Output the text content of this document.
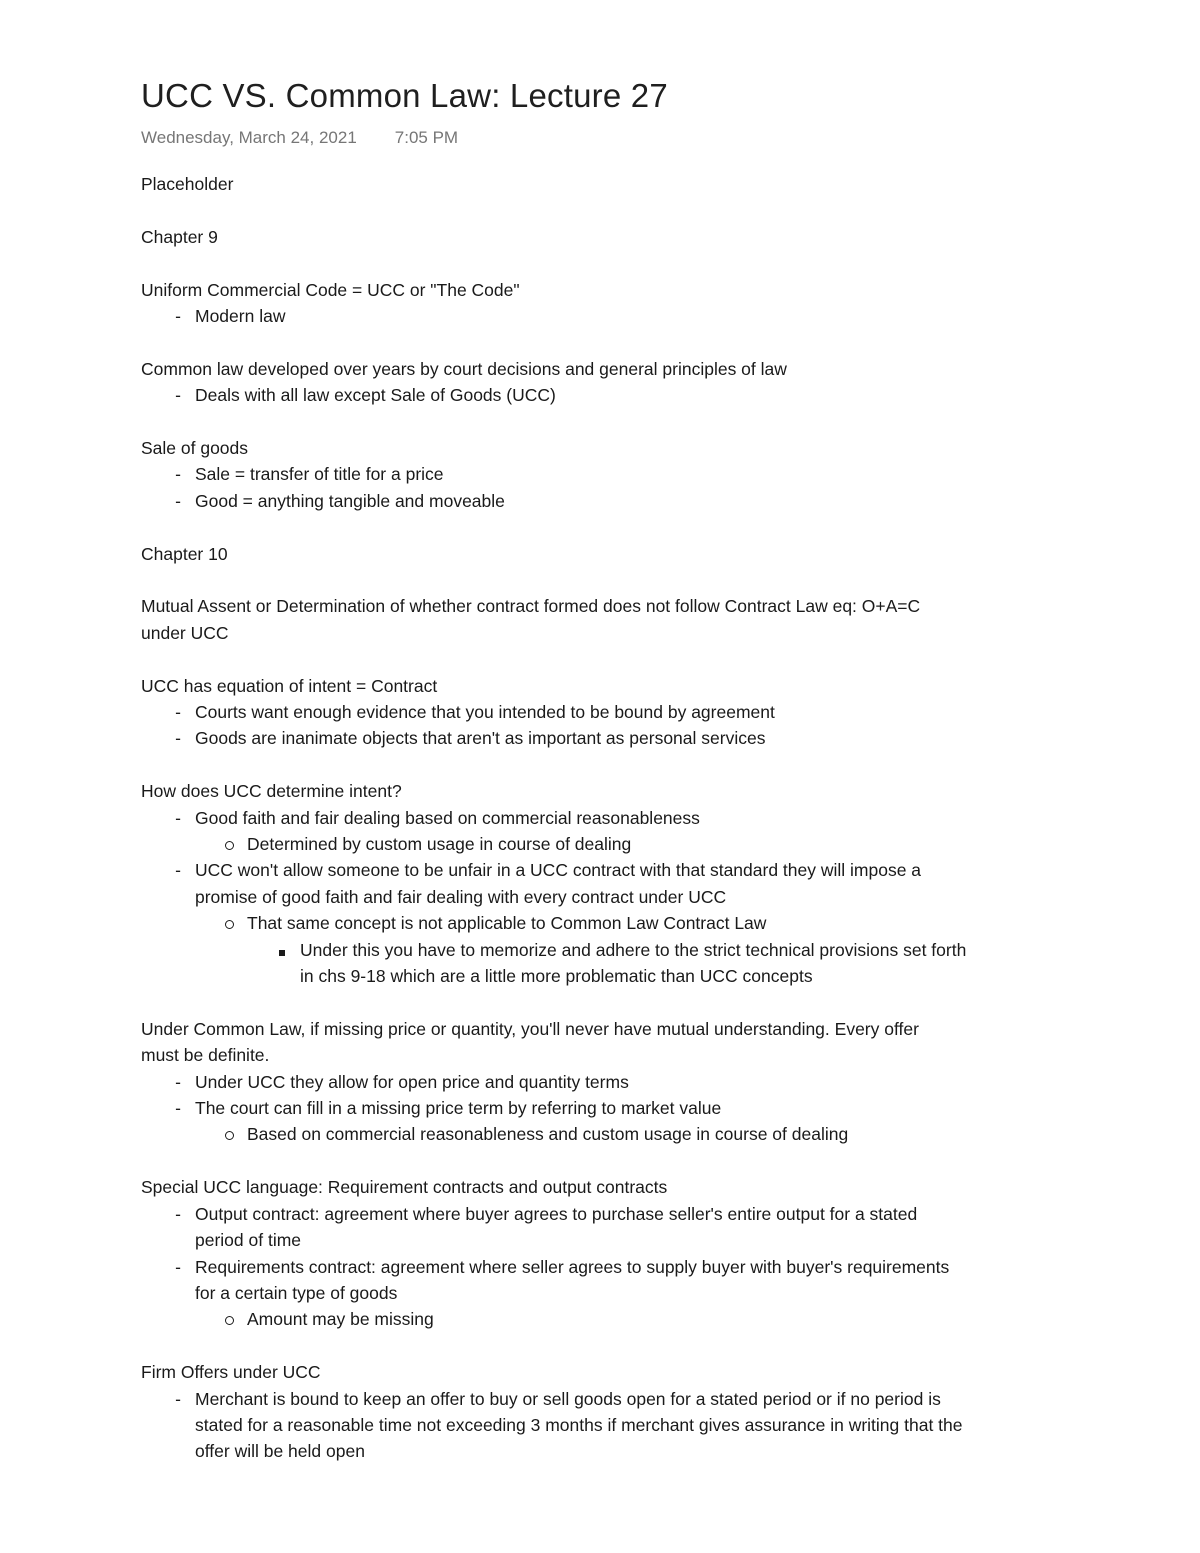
UCC VS. Common Law: Lecture 27
Wednesday, March 24, 2021 7:05 PM
Placeholder
Chapter 9
Uniform Commercial Code = UCC or "The Code"
- Modern law
Common law developed over years by court decisions and general principles of law
- Deals with all law except Sale of Goods (UCC)
Sale of goods
- Sale = transfer of title for a price
- Good = anything tangible and moveable
Chapter 10
Mutual Assent or Determination of whether contract formed does not follow Contract Law eq: O+A=C
under UCC
UCC has equation of intent = Contract
- Courts want enough evidence that you intended to be bound by agreement
- Goods are inanimate objects that aren't as important as personal services
How does UCC determine intent?
- Good faith and fair dealing based on commercial reasonableness
Determined by custom usage in course of dealing
- UCC won't allow someone to be unfair in a UCC contract with that standard they will impose a
promise of good faith and fair dealing with every contract under UCC
That same concept is not applicable to Common Law Contract Law
Under this you have to memorize and adhere to the strict technical provisions set forth
in chs 9-18 which are a little more problematic than UCC concepts
Under Common Law, if missing price or quantity, you'll never have mutual understanding. Every offer
must be definite.
- Under UCC they allow for open price and quantity terms
- The court can fill in a missing price term by referring to market value
Based on commercial reasonableness and custom usage in course of dealing
Special UCC language: Requirement contracts and output contracts
- Output contract: agreement where buyer agrees to purchase seller's entire output for a stated
period of time
- Requirements contract: agreement where seller agrees to supply buyer with buyer's requirements
for a certain type of goods
Amount may be missing
Firm Offers under UCC
- Merchant is bound to keep an offer to buy or sell goods open for a stated period or if no period is
stated for a reasonable time not exceeding 3 months if merchant gives assurance in writing that the
offer will be held open
